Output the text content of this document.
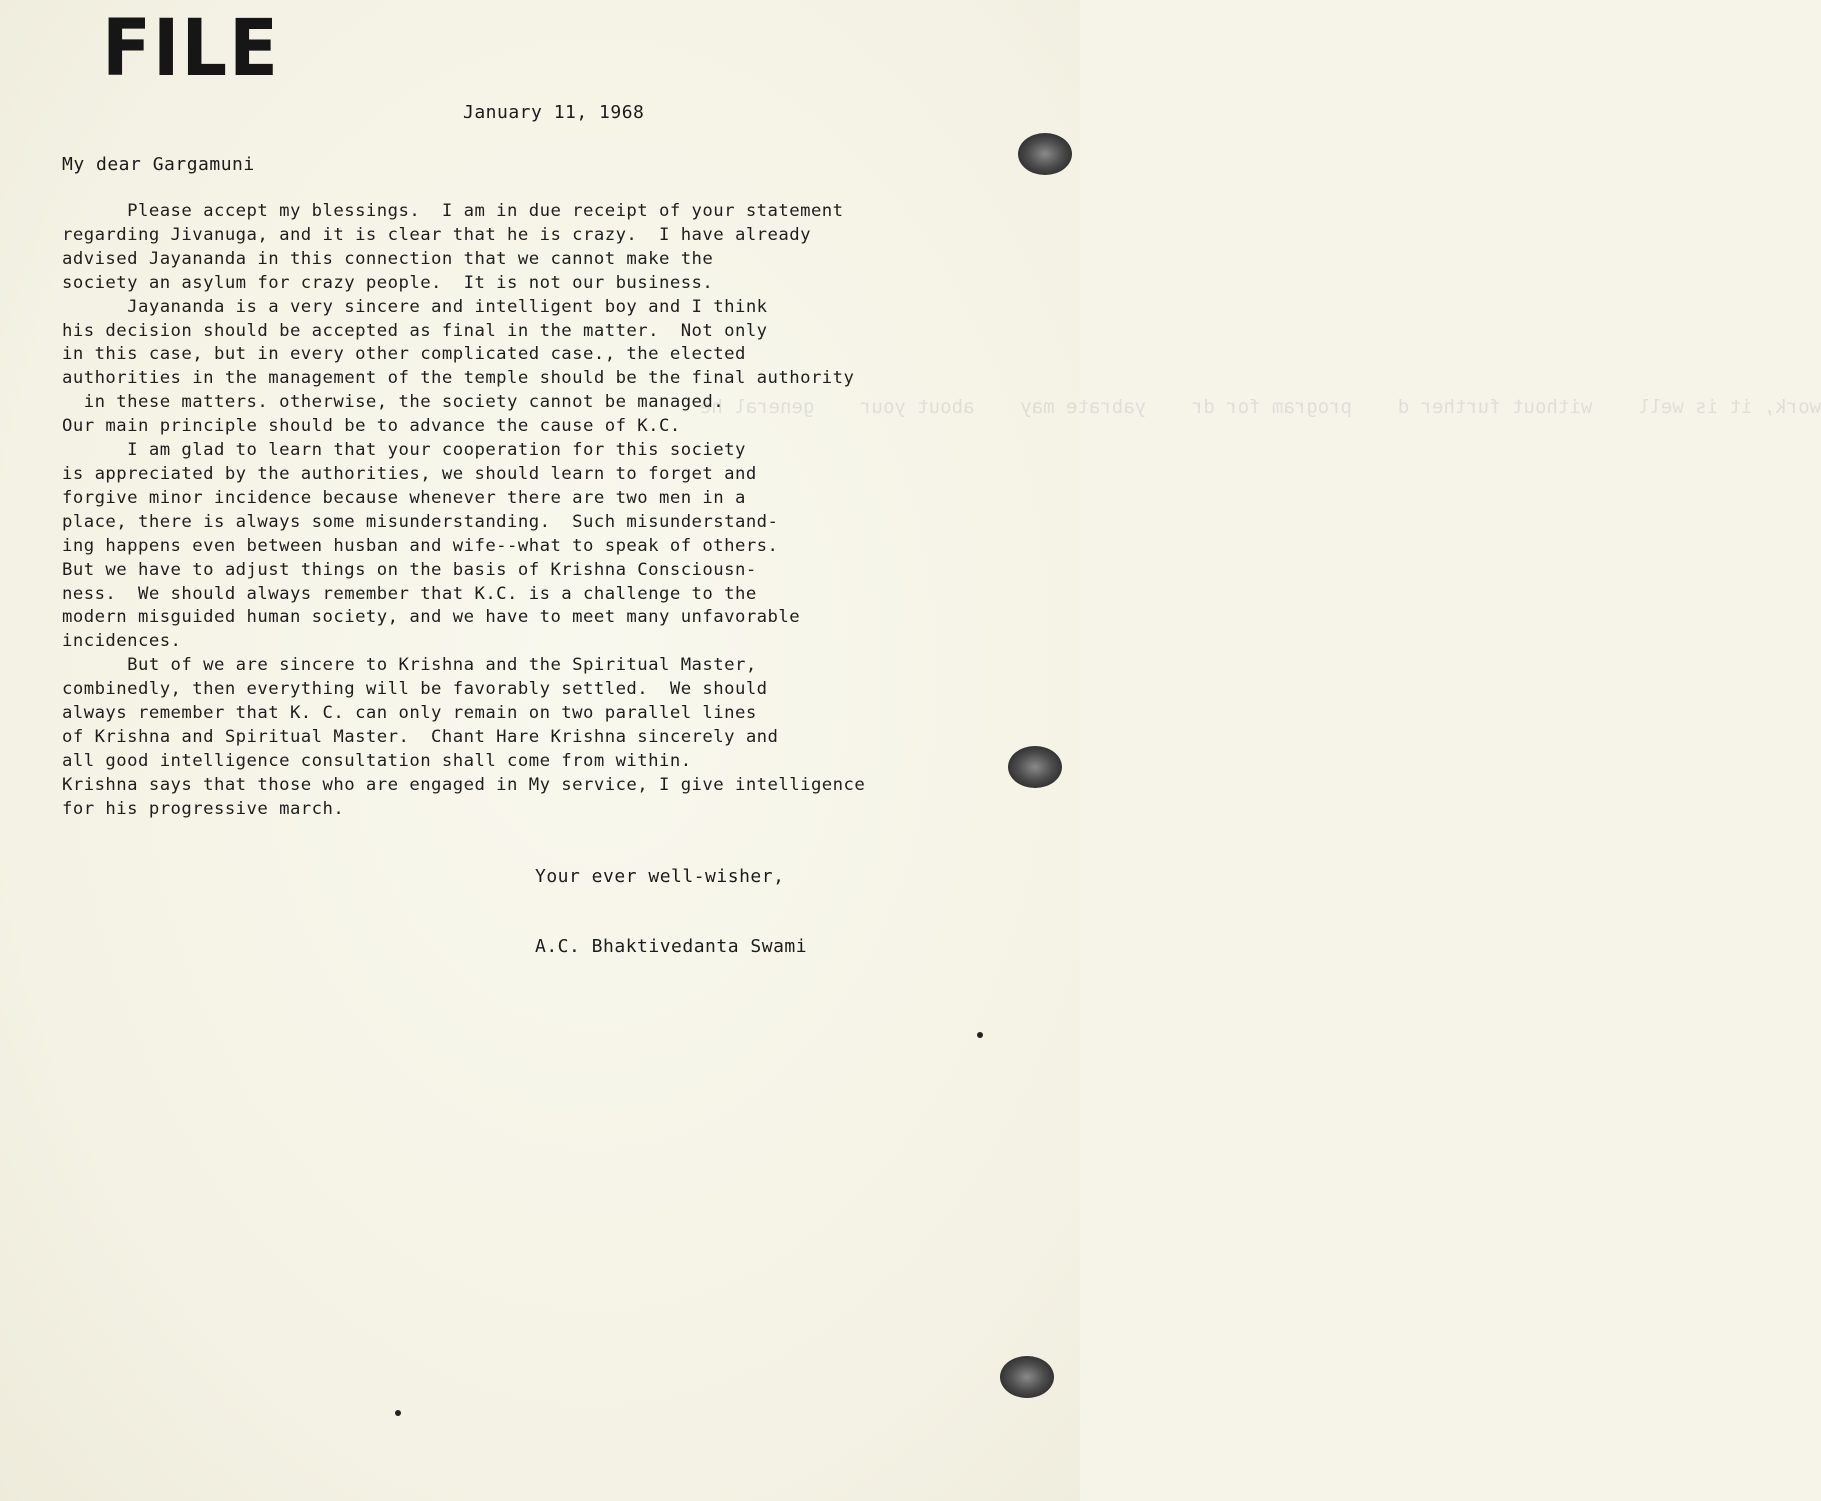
work, it is well    without further d    program for dr    yabrate may    about your    general he
FILE
January 11, 1968
My dear Gargamuni
Please accept my blessings.  I am in due receipt of your statement
regarding Jivanuga, and it is clear that he is crazy.  I have already
advised Jayananda in this connection that we cannot make the
society an asylum for crazy people.  It is not our business.
Jayananda is a very sincere and intelligent boy and I think
his decision should be accepted as final in the matter.  Not only
in this case, but in every other complicated case., the elected
authorities in the management of the temple should be the final authority
in these matters. otherwise, the society cannot be managed.
Our main principle should be to advance the cause of K.C.
I am glad to learn that your cooperation for this society
is appreciated by the authorities, we should learn to forget and
forgive minor incidence because whenever there are two men in a
place, there is always some misunderstanding.  Such misunderstand-
ing happens even between husban and wife--what to speak of others.
But we have to adjust things on the basis of Krishna Consciousn-
ness.  We should always remember that K.C. is a challenge to the
modern misguided human society, and we have to meet many unfavorable
incidences.
But of we are sincere to Krishna and the Spiritual Master,
combinedly, then everything will be favorably settled.  We should
always remember that K. C. can only remain on two parallel lines
of Krishna and Spiritual Master.  Chant Hare Krishna sincerely and
all good intelligence consultation shall come from within.
Krishna says that those who are engaged in My service, I give intelligence
for his progressive march.
Your ever well-wisher,
A.C. Bhaktivedanta Swami
